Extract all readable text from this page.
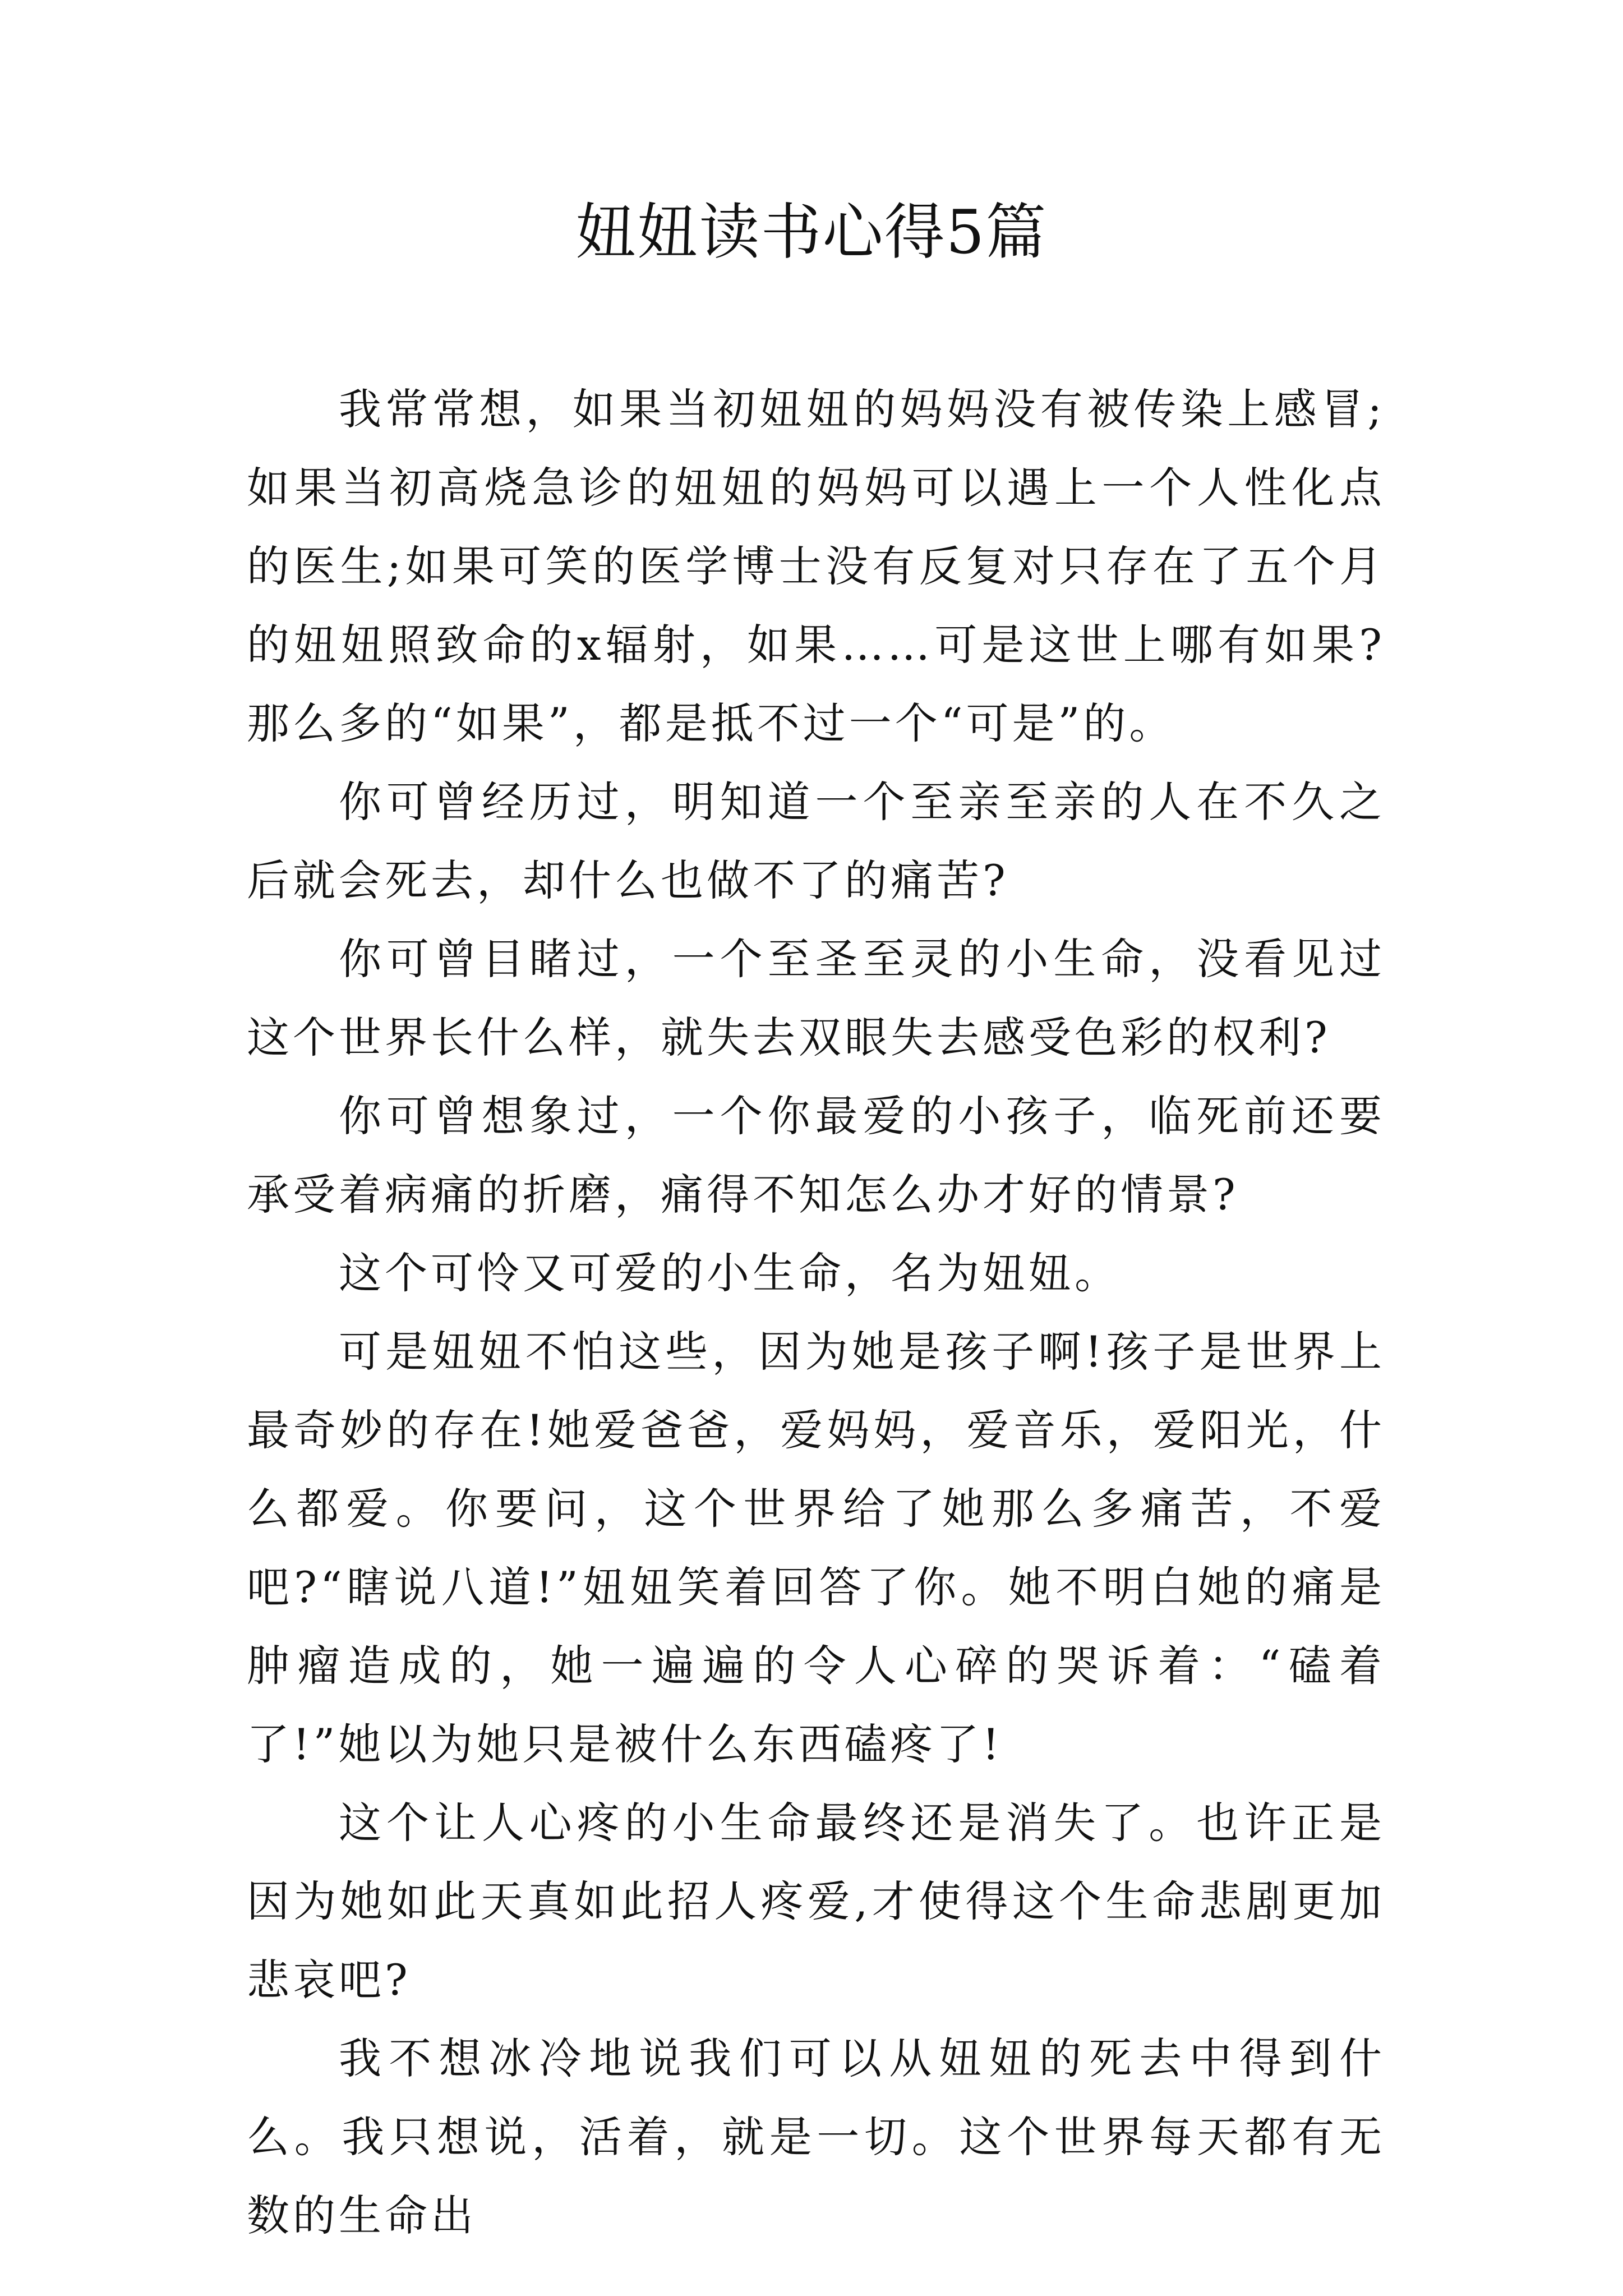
妞妞读书心得5篇

我常常想，如果当初妞妞的妈妈没有被传染上感冒;如果当初高烧急诊的妞妞的妈妈可以遇上一个人性化点的医生;如果可笑的医学博士没有反复对只存在了五个月的妞妞照致命的x辐射，如果……可是这世上哪有如果?那么多的“如果”，都是抵不过一个“可是”的。

你可曾经历过，明知道一个至亲至亲的人在不久之后就会死去，却什么也做不了的痛苦?

你可曾目睹过，一个至圣至灵的小生命，没看见过这个世界长什么样，就失去双眼失去感受色彩的权利?

你可曾想象过，一个你最爱的小孩子，临死前还要承受着病痛的折磨，痛得不知怎么办才好的情景?

这个可怜又可爱的小生命，名为妞妞。

可是妞妞不怕这些，因为她是孩子啊!孩子是世界上最奇妙的存在!她爱爸爸，爱妈妈，爱音乐，爱阳光，什么都爱。你要问，这个世界给了她那么多痛苦，不爱吧?“瞎说八道!”妞妞笑着回答了你。她不明白她的痛是肿瘤造成的，她一遍遍的令人心碎的哭诉着：“磕着了!”她以为她只是被什么东西磕疼了!

这个让人心疼的小生命最终还是消失了。也许正是因为她如此天真如此招人疼爱,才使得这个生命悲剧更加悲哀吧?

我不想冰冷地说我们可以从妞妞的死去中得到什么。我只想说，活着，就是一切。这个世界每天都有无数的生命出
